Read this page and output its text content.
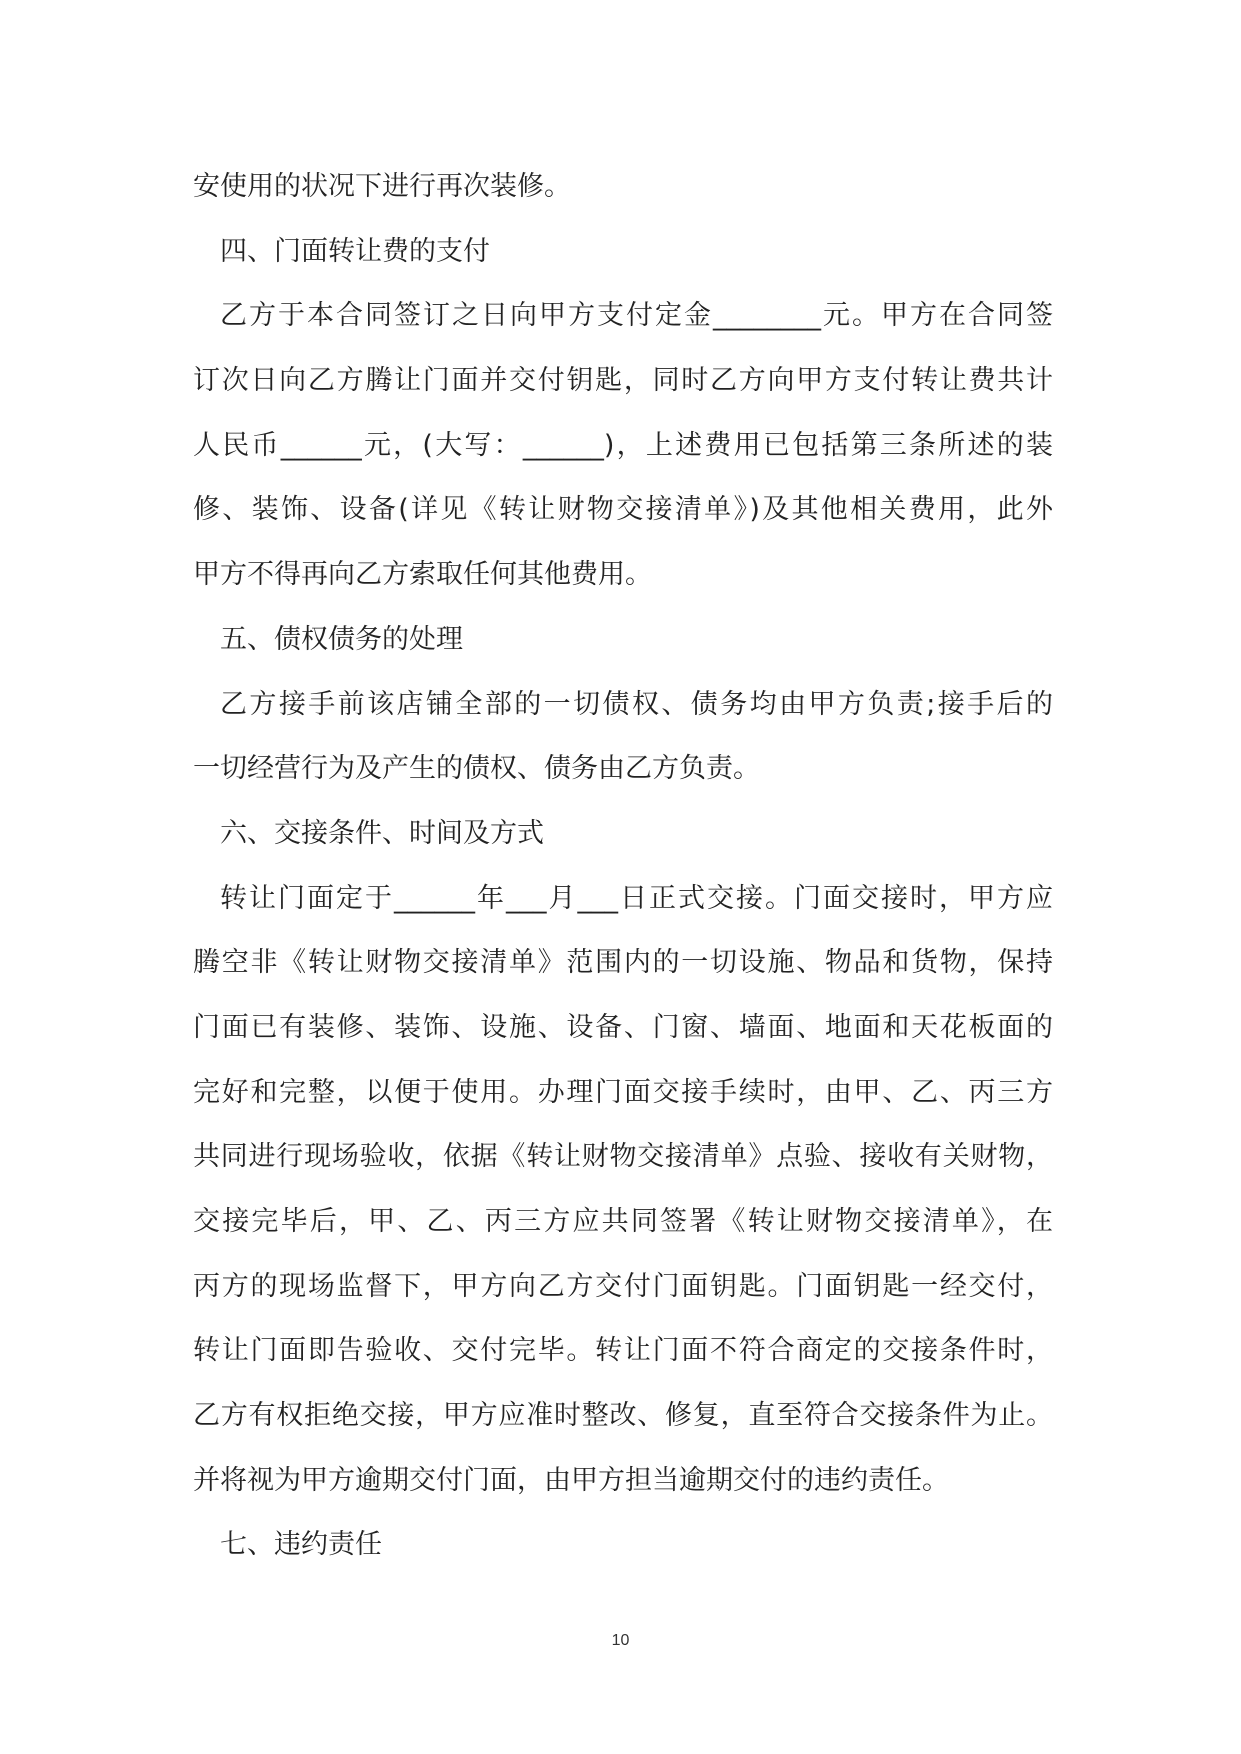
安使用的状况下进行再次装修。
四、门面转让费的支付
乙方于本合同签订之日向甲方支付定金________元。甲方在合同签
订次日向乙方腾让门面并交付钥匙，同时乙方向甲方支付转让费共计
人民币______元，(大写：______)，上述费用已包括第三条所述的装
修、装饰、设备(详见《转让财物交接清单》)及其他相关费用，此外
甲方不得再向乙方索取任何其他费用。
五、债权债务的处理
乙方接手前该店铺全部的一切债权、债务均由甲方负责;接手后的
一切经营行为及产生的债权、债务由乙方负责。
六、交接条件、时间及方式
转让门面定于______年___月___日正式交接。门面交接时，甲方应
腾空非《转让财物交接清单》范围内的一切设施、物品和货物，保持
门面已有装修、装饰、设施、设备、门窗、墙面、地面和天花板面的
完好和完整，以便于使用。办理门面交接手续时，由甲、乙、丙三方
共同进行现场验收，依据《转让财物交接清单》点验、接收有关财物，
交接完毕后，甲、乙、丙三方应共同签署《转让财物交接清单》，在
丙方的现场监督下，甲方向乙方交付门面钥匙。门面钥匙一经交付，
转让门面即告验收、交付完毕。转让门面不符合商定的交接条件时，
乙方有权拒绝交接，甲方应准时整改、修复，直至符合交接条件为止。
并将视为甲方逾期交付门面，由甲方担当逾期交付的违约责任。
七、违约责任
10
